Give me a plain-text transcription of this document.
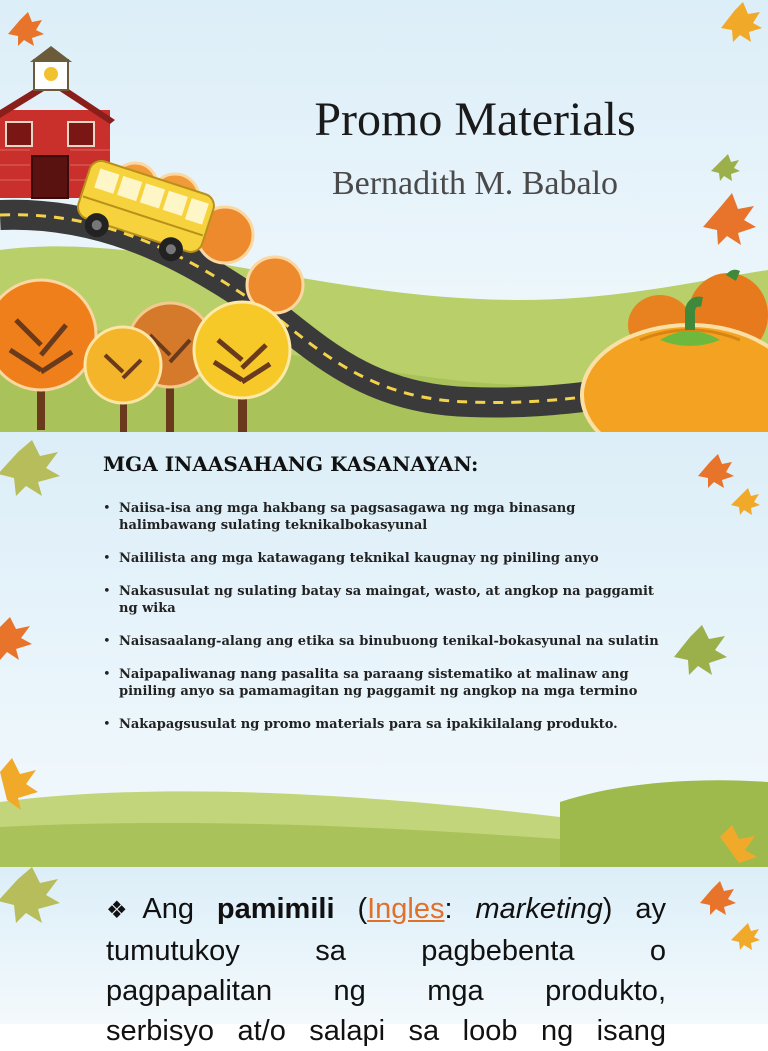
Promo Materials
Bernadith M. Babalo
MGA INAASAHANG KASANAYAN:
• Naiisa-isa ang mga hakbang sa pagsasagawa ng mga binasang halimbawang sulating teknikalbokasyunal
• Naililista ang mga katawagang teknikal kaugnay ng piniling anyo
• Nakasusulat ng sulating batay sa maingat, wasto, at angkop na paggamit ng wika
• Naisasaalang-alang ang etika sa binubuong tenikal-bokasyunal na sulatin
• Naipapaliwanag nang pasalita sa paraang sistematiko at malinaw ang piniling anyo sa pamamagitan ng paggamit ng angkop na mga termino
• Nakapagsusulat ng promo materials para sa ipakikilalang produkto.
❖Ang pamimili (Ingles: marketing) ay
tumutukoy sa pagbebenta o
pagpapalitan ng mga produkto,
serbisyo at/o salapi sa loob ng isang
